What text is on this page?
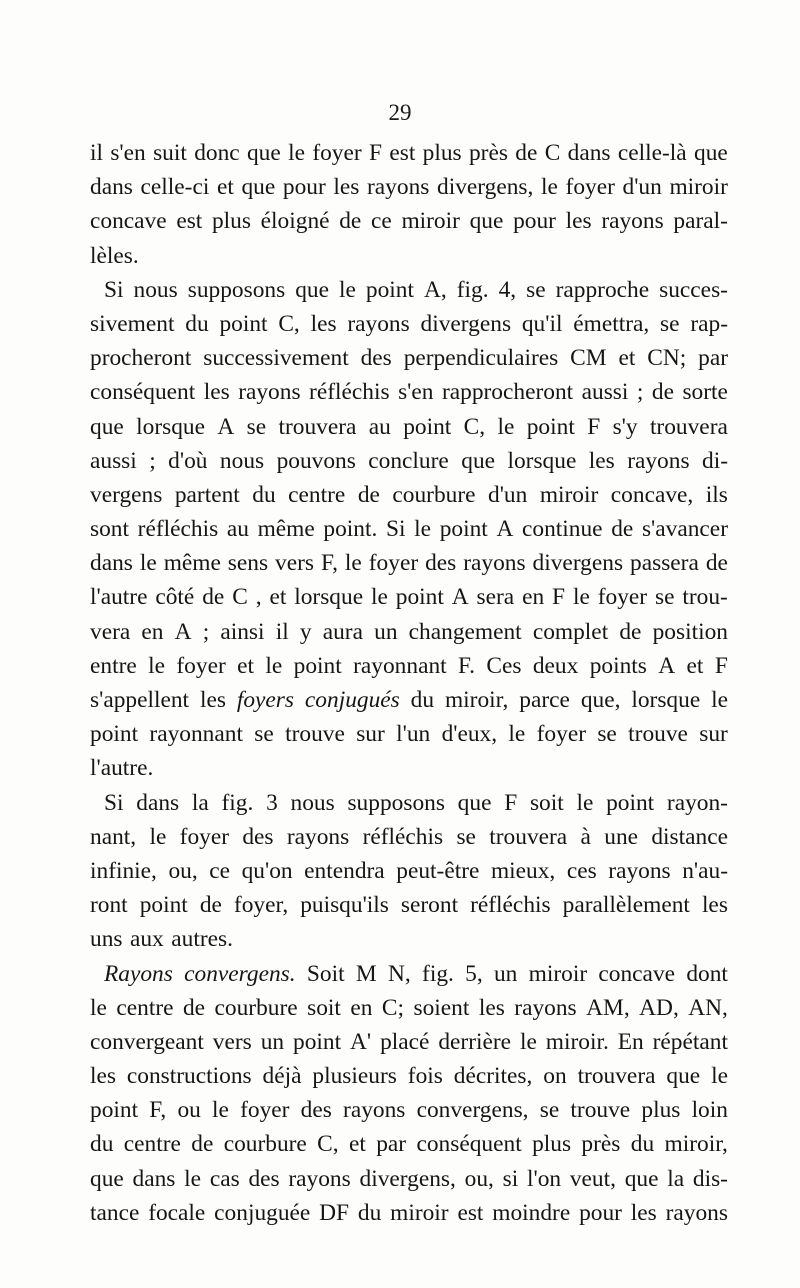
29
il s'en suit donc que le foyer F est plus près de C dans celle-là que
dans celle-ci et que pour les rayons divergens, le foyer d'un miroir
concave est plus éloigné de ce miroir que pour les rayons paral-
lèles.
Si nous supposons que le point A, fig. 4, se rapproche succes-
sivement du point C, les rayons divergens qu'il émettra, se rap-
procheront successivement des perpendiculaires CM et CN; par
conséquent les rayons réfléchis s'en rapprocheront aussi ; de sorte
que lorsque A se trouvera au point C, le point F s'y trouvera
aussi ; d'où nous pouvons conclure que lorsque les rayons di-
vergens partent du centre de courbure d'un miroir concave, ils
sont réfléchis au même point. Si le point A continue de s'avancer
dans le même sens vers F, le foyer des rayons divergens passera de
l'autre côté de C , et lorsque le point A sera en F le foyer se trou-
vera en A ; ainsi il y aura un changement complet de position
entre le foyer et le point rayonnant F. Ces deux points A et F
s'appellent les foyers conjugués du miroir, parce que, lorsque le
point rayonnant se trouve sur l'un d'eux, le foyer se trouve sur
l'autre.
Si dans la fig. 3 nous supposons que F soit le point rayon-
nant, le foyer des rayons réfléchis se trouvera à une distance
infinie, ou, ce qu'on entendra peut-être mieux, ces rayons n'au-
ront point de foyer, puisqu'ils seront réfléchis parallèlement les
uns aux autres.
Rayons convergens. Soit M N, fig. 5, un miroir concave dont
le centre de courbure soit en C; soient les rayons AM, AD, AN,
convergeant vers un point A' placé derrière le miroir. En répétant
les constructions déjà plusieurs fois décrites, on trouvera que le
point F, ou le foyer des rayons convergens, se trouve plus loin
du centre de courbure C, et par conséquent plus près du miroir,
que dans le cas des rayons divergens, ou, si l'on veut, que la dis-
tance focale conjuguée DF du miroir est moindre pour les rayons
